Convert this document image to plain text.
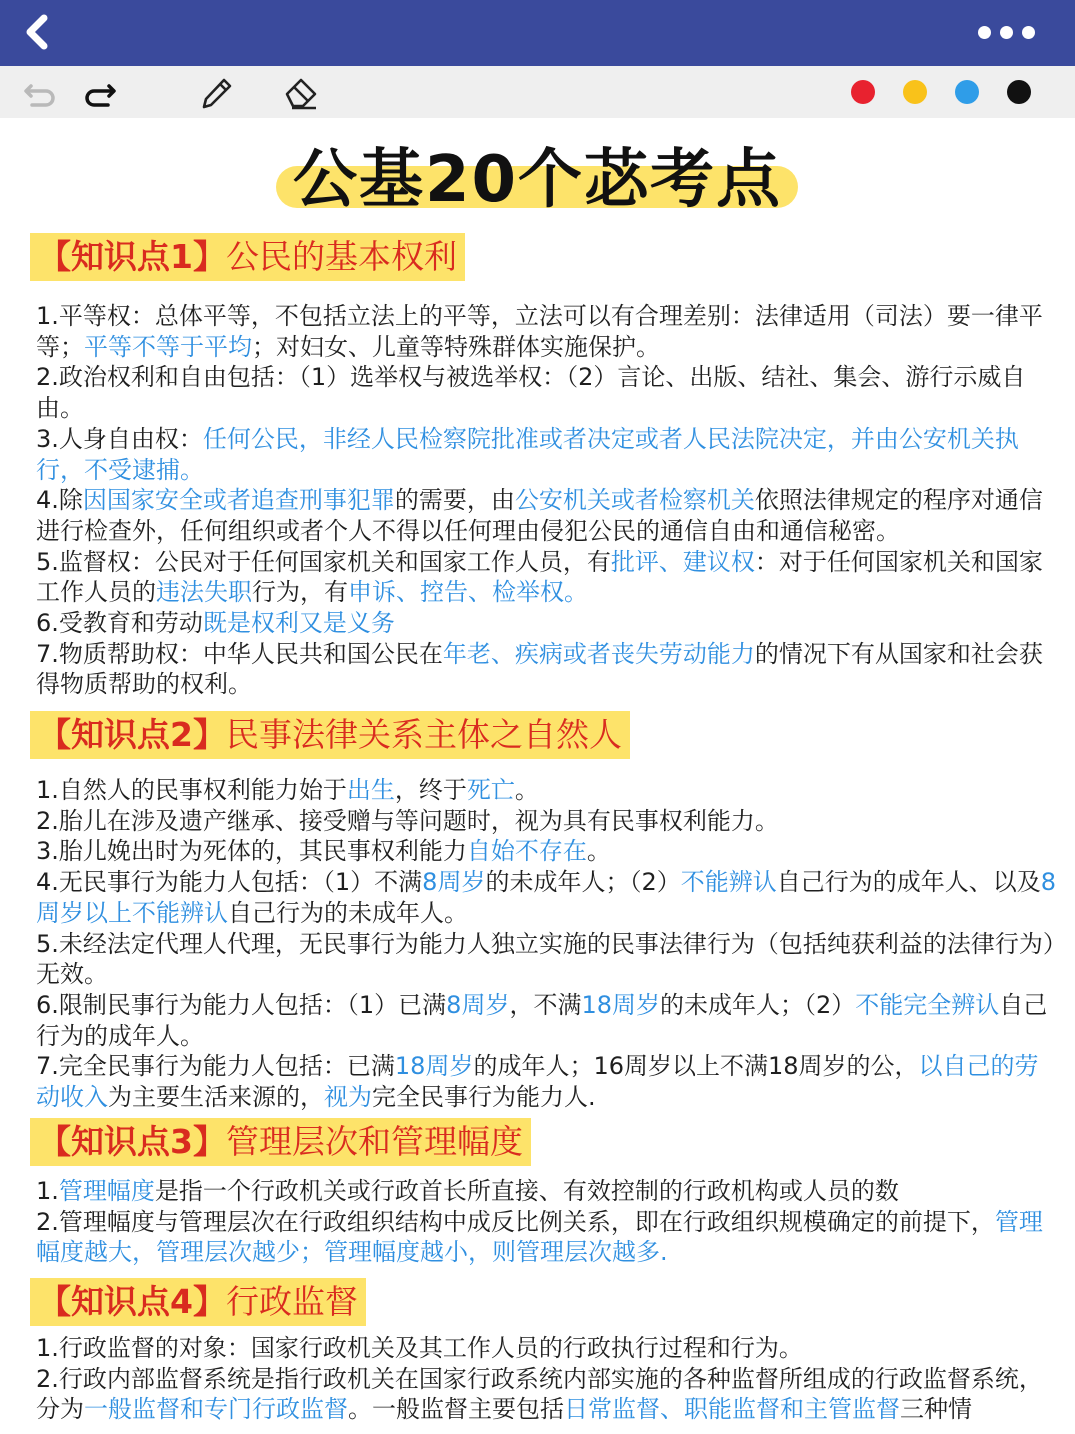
公基20个苾考点
【知识点1】公民的基本权利
1.平等权：总体平等，不包括立法上的平等，立法可以有合理差别：法律适用（司法）要一律平等；平等不等于平均；对妇女、儿童等特殊群体实施保护。
2.政治权利和自由包括：（1）选举权与被选举权：（2）言论、出版、结社、集会、游行示威自由。
3.人身自由权：任何公民，非经人民检察院批准或者决定或者人民法院决定，并由公安机关执行，不受逮捕。
4.除因国家安全或者追查刑事犯罪的需要，由公安机关或者检察机关依照法律规定的程序对通信进行检查外，任何组织或者个人不得以任何理由侵犯公民的通信自由和通信秘密。
5.监督权：公民对于任何国家机关和国家工作人员，有批评、建议权：对于任何国家机关和国家工作人员的违法失职行为，有申诉、控告、检举权。
6.受教育和劳动既是权利又是义务
7.物质帮助权：中华人民共和国公民在年老、疾病或者丧失劳动能力的情况下有从国家和社会获得物质帮助的权利。
【知识点2】民事法律关系主体之自然人
1.自然人的民事权利能力始于出生，终于死亡。
2.胎儿在涉及遗产继承、接受赠与等问题时，视为具有民事权利能力。
3.胎儿娩出时为死体的，其民事权利能力自始不存在。
4.无民事行为能力人包括：（1）不满8周岁的未成年人；（2）不能辨认自己行为的成年人、以及8周岁以上不能辨认自己行为的未成年人。
5.未经法定代理人代理，无民事行为能力人独立实施的民事法律行为（包括纯获利益的法律行为）无效。
6.限制民事行为能力人包括：（1）已满8周岁，不满18周岁的未成年人；（2）不能完全辨认自己行为的成年人。
7.完全民事行为能力人包括：已满18周岁的成年人；16周岁以上不满18周岁的公，以自己的劳动收入为主要生活来源的，视为完全民事行为能力人.
【知识点3】管理层次和管理幅度
1.管理幅度是指一个行政机关或行政首长所直接、有效控制的行政机构或人员的数
2.管理幅度与管理层次在行政组织结构中成反比例关系，即在行政组织规模确定的前提下，管理幅度越大，管理层次越少；管理幅度越小，则管理层次越多.
【知识点4】行政监督
1.行政监督的对象：国家行政机关及其工作人员的行政执行过程和行为。
2.行政内部监督系统是指行政机关在国家行政系统内部实施的各种监督所组成的行政监督系统，分为一般监督和专门行政监督。一般监督主要包括日常监督、职能监督和主管监督三种情
